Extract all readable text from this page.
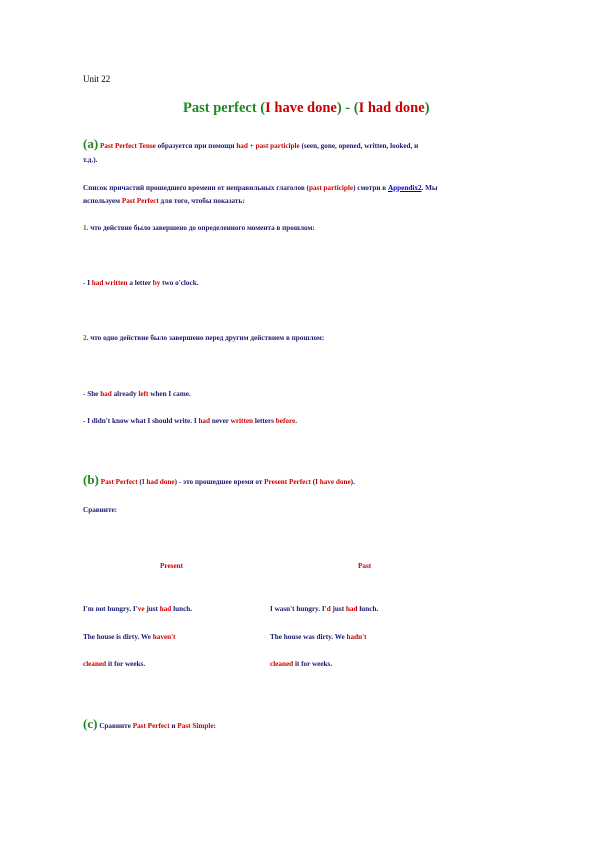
Unit 22
Past perfect (I have done) - (I had done)
(a) Past Perfect Tense образуется при помощи had + past participle (seen, gone, opened, written, looked, и
т.д.).
Список причастий прошедшего времени от неправильных глаголов (past participle) смотри в Appendix2. Мы
используем Past Perfect для того, чтобы показать:
1. что действие было завершено до определенного момента в прошлом:
- I had written a letter by two o'clock.
2. что одно действие было завершено перед другим действием в прошлом:
- She had already left when I came.
- I didn't know what I should write. I had never written letters before.
(b) Past Perfect (I had done) - это прошедшее время от Present Perfect (I have done).
Сравните:
Present	Past
I'm not hungry. I've just had lunch.	I wasn't hungry. I'd just had lunch.
The house is dirty. We haven't	The house was dirty. We hadn't
cleaned it for weeks.	cleaned it for weeks.
(c) Сравните Past Perfect и Past Simple:
